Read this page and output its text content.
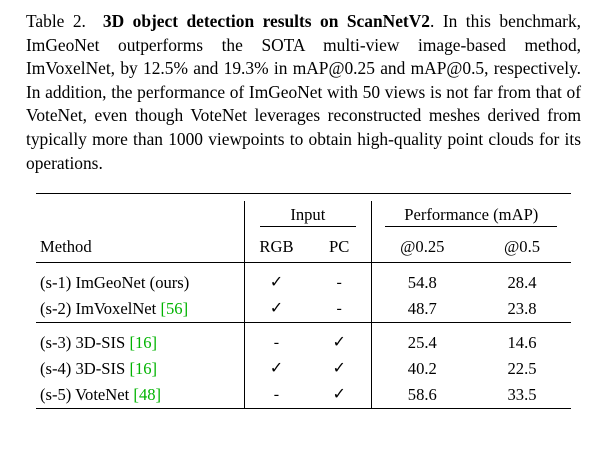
Table 2. 3D object detection results on ScanNetV2. In this benchmark, ImGeoNet outperforms the SOTA multi-view image-based method, ImVoxelNet, by 12.5% and 19.3% in mAP@0.25 and mAP@0.5, respectively. In addition, the performance of ImGeoNet with 50 views is not far from that of VoteNet, even though VoteNet leverages reconstructed meshes derived from typically more than 1000 viewpoints to obtain high-quality point clouds for its operations.

	Input		Performance (mAP)	
Method	RGB	PC	@0.25	@0.5

(s-1) ImGeoNet (ours)	✓	-	54.8	28.4
(s-2) ImVoxelNet [56]	✓	-	48.7	23.8

(s-3) 3D-SIS [16]	-	✓	25.4	14.6
(s-4) 3D-SIS [16]	✓	✓	40.2	22.5
(s-5) VoteNet [48]	-	✓	58.6	33.5
